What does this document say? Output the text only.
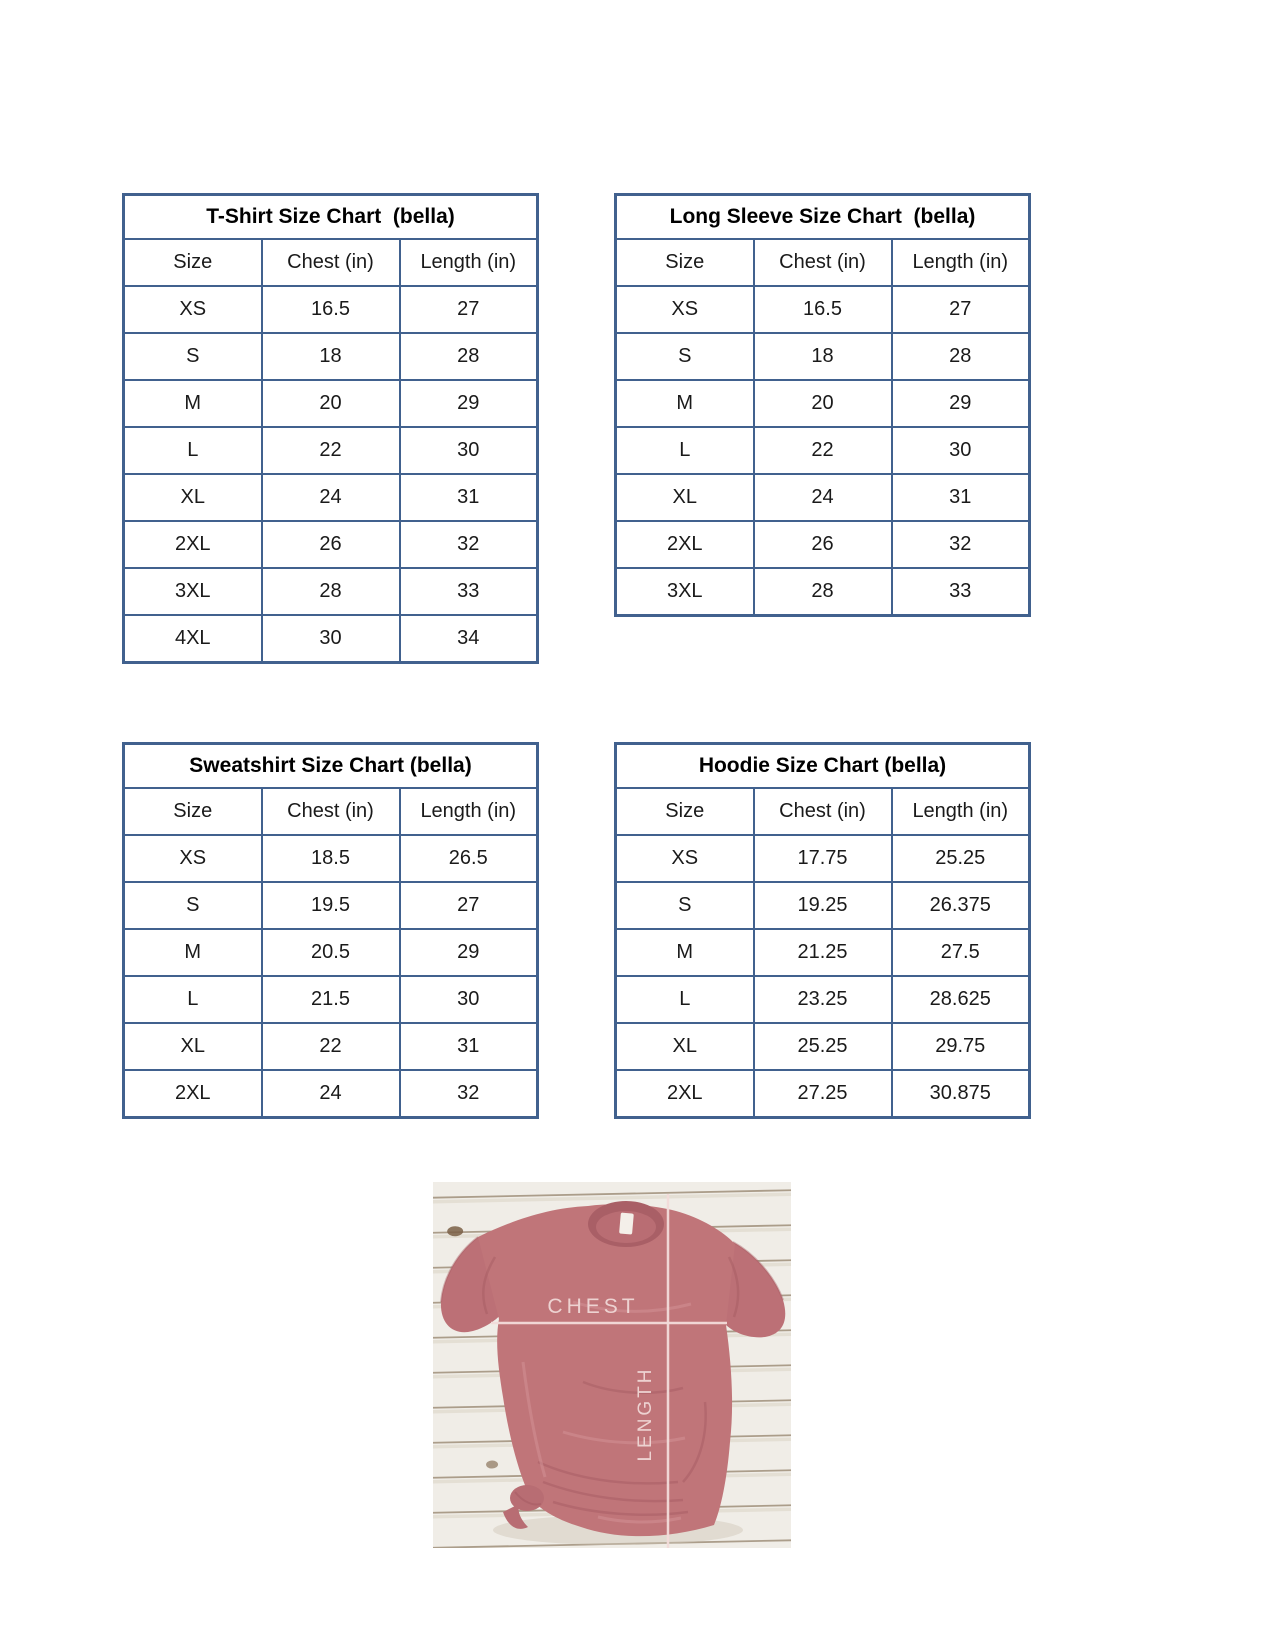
T-Shirt Size Chart  (bella)		
Size	Chest (in)	Length (in)
XS	16.5	27
S	18	28
M	20	29
L	22	30
XL	24	31
2XL	26	32
3XL	28	33
4XL	30	34
Long Sleeve Size Chart  (bella)		
Size	Chest (in)	Length (in)
XS	16.5	27
S	18	28
M	20	29
L	22	30
XL	24	31
2XL	26	32
3XL	28	33
Sweatshirt Size Chart (bella)		
Size	Chest (in)	Length (in)
XS	18.5	26.5
S	19.5	27
M	20.5	29
L	21.5	30
XL	22	31
2XL	24	32
Hoodie Size Chart (bella)		
Size	Chest (in)	Length (in)
XS	17.75	25.25
S	19.25	26.375
M	21.25	27.5
L	23.25	28.625
XL	25.25	29.75
2XL	27.25	30.875
CHEST
LENGTH
